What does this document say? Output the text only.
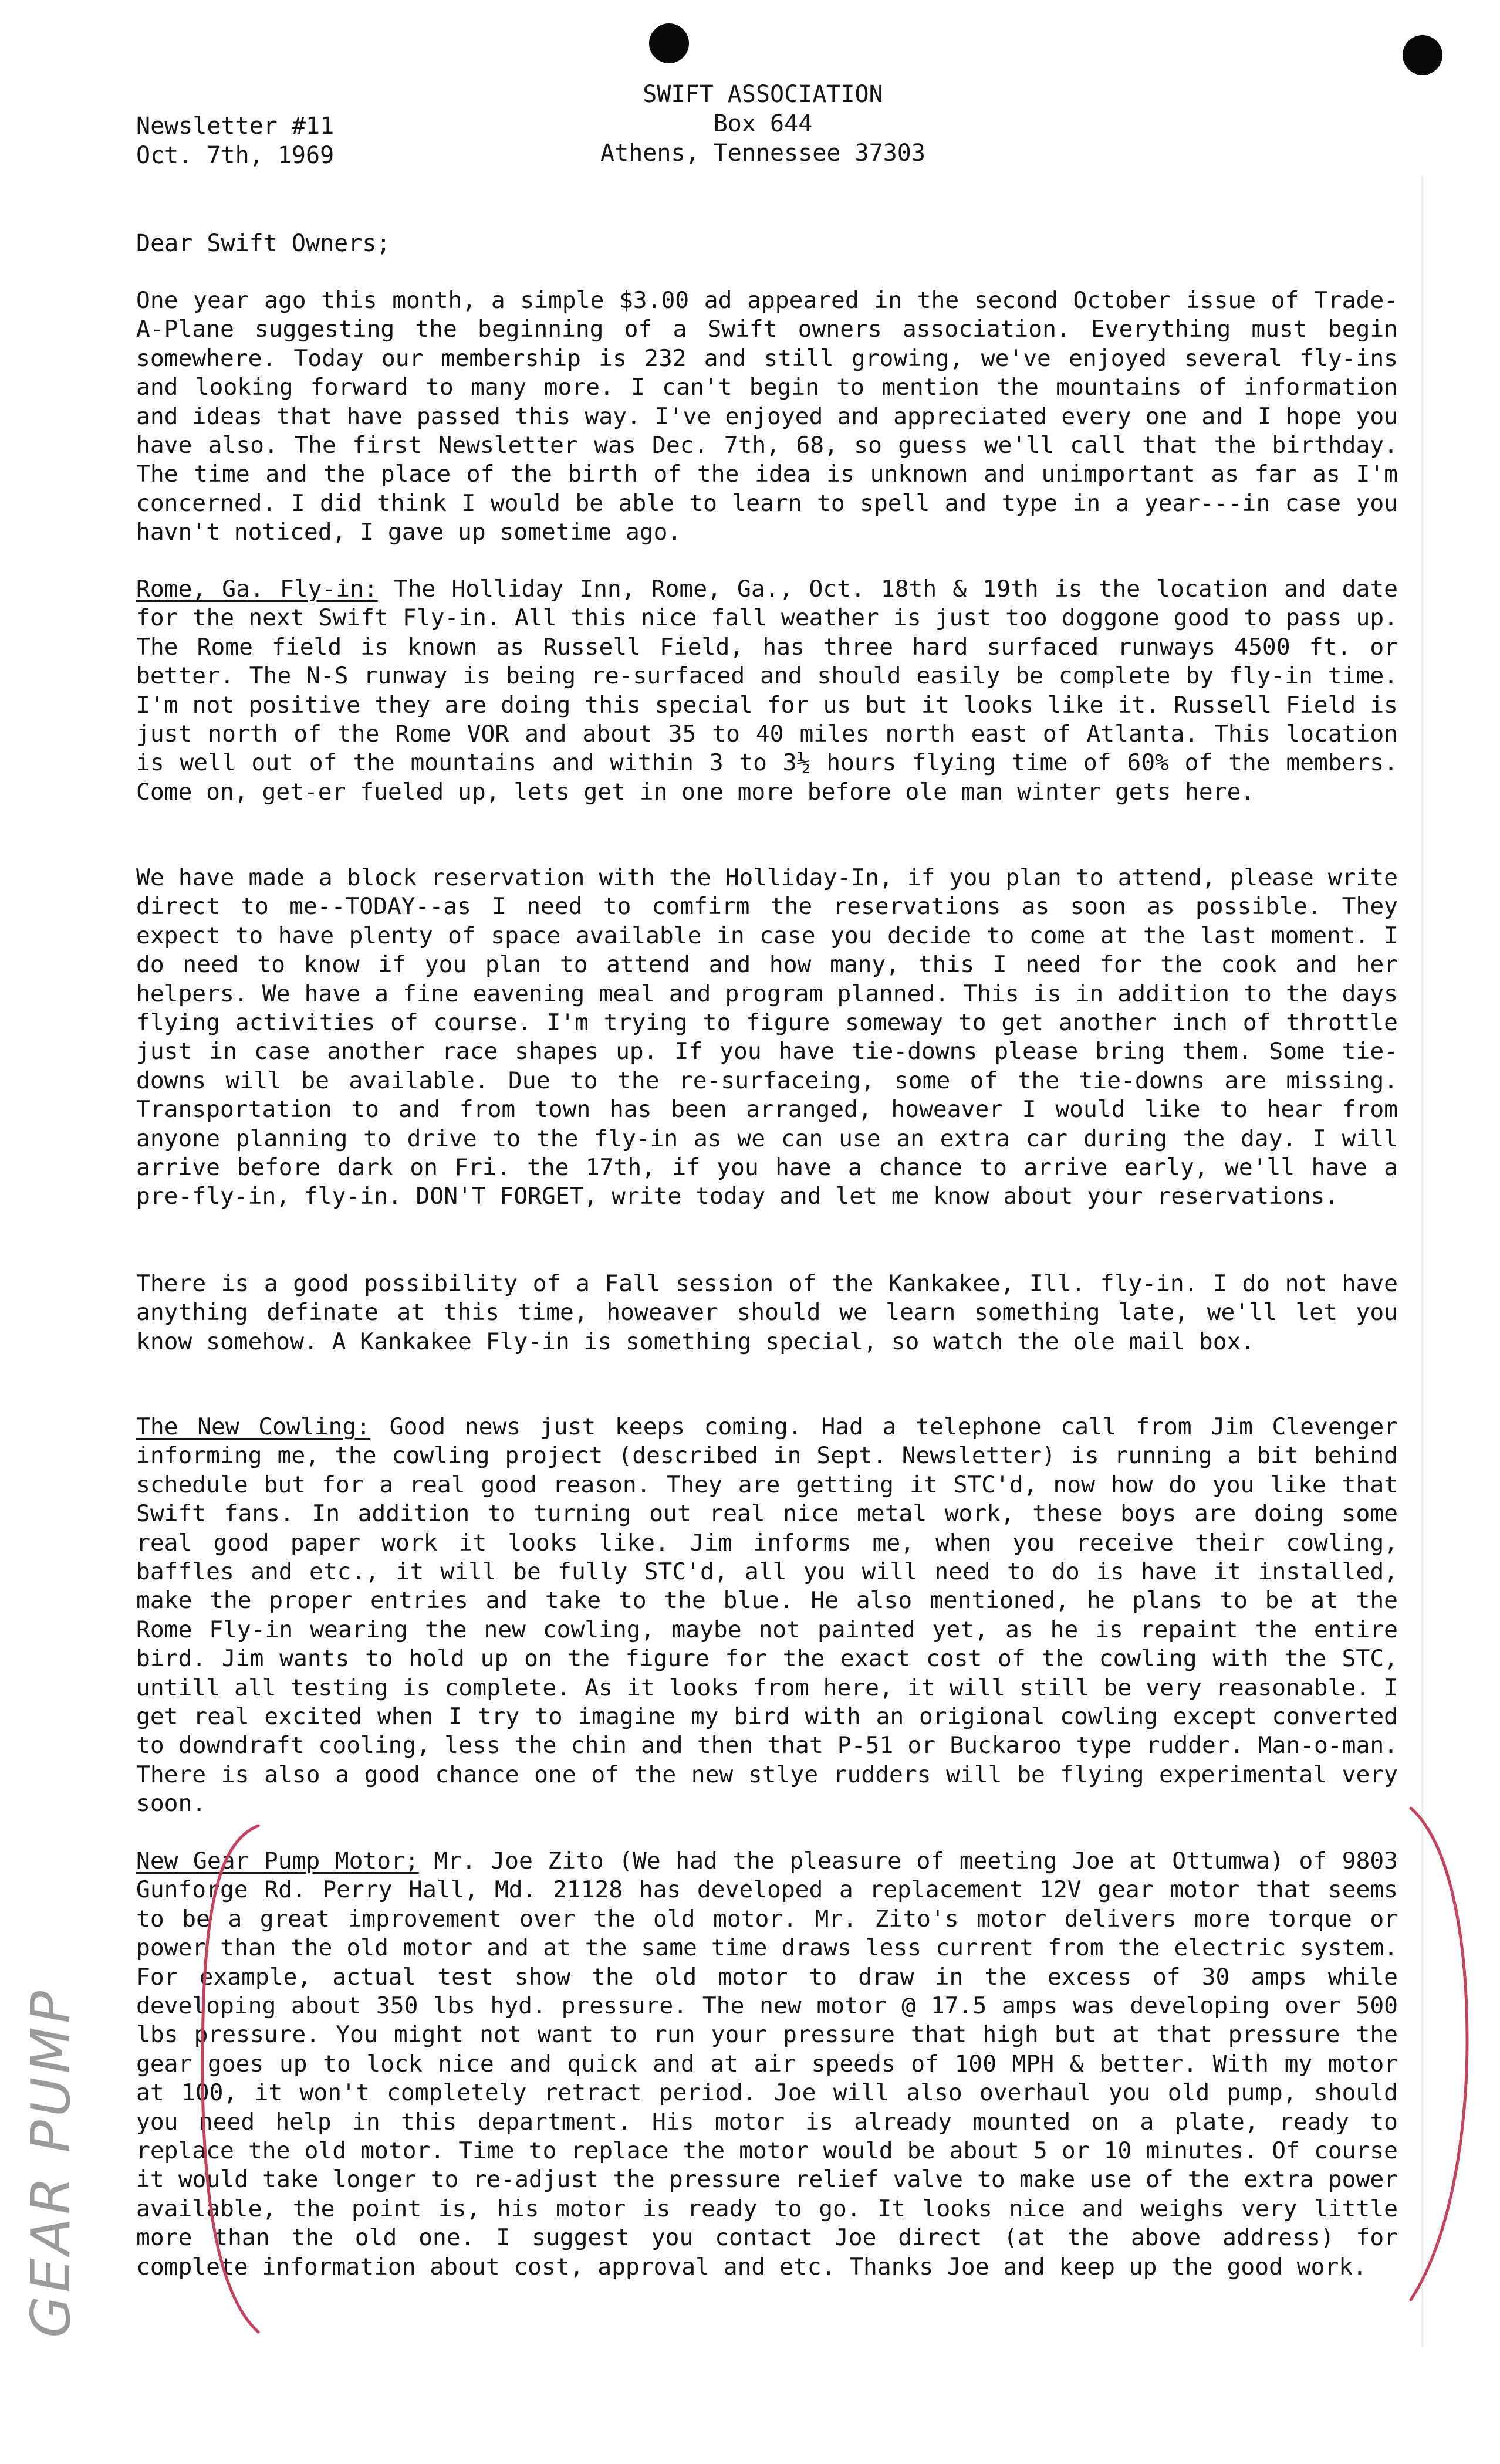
Newsletter #11
Oct. 7th, 1969
SWIFT ASSOCIATION
Box 644
Athens, Tennessee 37303
Dear Swift Owners;
One year ago this month, a simple $3.00 ad appeared in the second October issue of Trade-A-Plane suggesting the beginning of a Swift owners association. Everything must begin somewhere. Today our membership is 232 and still growing, we've enjoyed several fly-ins and looking forward to many more. I can't begin to mention the mountains of information and ideas that have passed this way. I've enjoyed and appreciated every one and I hope you have also. The first Newsletter was Dec. 7th, 68, so guess we'll call that the birthday. The time and the place of the birth of the idea is unknown and unimportant as far as I'm concerned. I did think I would be able to learn to spell and type in a year---in case you havn't noticed, I gave up sometime ago.
Rome, Ga. Fly-in: The Holliday Inn, Rome, Ga., Oct. 18th & 19th is the location and date for the next Swift Fly-in. All this nice fall weather is just too doggone good to pass up. The Rome field is known as Russell Field, has three hard surfaced runways 4500 ft. or better. The N-S runway is being re-surfaced and should easily be complete by fly-in time. I'm not positive they are doing this special for us but it looks like it. Russell Field is just north of the Rome VOR and about 35 to 40 miles north east of Atlanta. This location is well out of the mountains and within 3 to 3½ hours flying time of 60% of the members. Come on, get-er fueled up, lets get in one more before ole man winter gets here.
We have made a block reservation with the Holliday-In, if you plan to attend, please write direct to me--TODAY--as I need to comfirm the reservations as soon as possible. They expect to have plenty of space available in case you decide to come at the last moment. I do need to know if you plan to attend and how many, this I need for the cook and her helpers. We have a fine eavening meal and program planned. This is in addition to the days flying activities of course. I'm trying to figure someway to get another inch of throttle just in case another race shapes up. If you have tie-downs please bring them. Some tie-downs will be available. Due to the re-surfaceing, some of the tie-downs are missing. Transportation to and from town has been arranged, howeaver I would like to hear from anyone planning to drive to the fly-in as we can use an extra car during the day. I will arrive before dark on Fri. the 17th, if you have a chance to arrive early, we'll have a pre-fly-in, fly-in. DON'T FORGET, write today and let me know about your reservations.
There is a good possibility of a Fall session of the Kankakee, Ill. fly-in. I do not have anything definate at this time, howeaver should we learn something late, we'll let you know somehow. A Kankakee Fly-in is something special, so watch the ole mail box.
The New Cowling: Good news just keeps coming. Had a telephone call from Jim Clevenger informing me, the cowling project (described in Sept. Newsletter) is running a bit behind schedule but for a real good reason. They are getting it STC'd, now how do you like that Swift fans. In addition to turning out real nice metal work, these boys are doing some real good paper work it looks like. Jim informs me, when you receive their cowling, baffles and etc., it will be fully STC'd, all you will need to do is have it installed, make the proper entries and take to the blue. He also mentioned, he plans to be at the Rome Fly-in wearing the new cowling, maybe not painted yet, as he is repaint the entire bird. Jim wants to hold up on the figure for the exact cost of the cowling with the STC, untill all testing is complete. As it looks from here, it will still be very reasonable. I get real excited when I try to imagine my bird with an origional cowling except converted to downdraft cooling, less the chin and then that P-51 or Buckaroo type rudder. Man-o-man. There is also a good chance one of the new stlye rudders will be flying experimental very soon.
New Gear Pump Motor; Mr. Joe Zito (We had the pleasure of meeting Joe at Ottumwa) of 9803 Gunforge Rd. Perry Hall, Md. 21128 has developed a replacement 12V gear motor that seems to be a great improvement over the old motor. Mr. Zito's motor delivers more torque or power than the old motor and at the same time draws less current from the electric system. For example, actual test show the old motor to draw in the excess of 30 amps while developing about 350 lbs hyd. pressure. The new motor @ 17.5 amps was developing over 500 lbs pressure. You might not want to run your pressure that high but at that pressure the gear goes up to lock nice and quick and at air speeds of 100 MPH & better. With my motor at 100, it won't completely retract period. Joe will also overhaul you old pump, should you need help in this department. His motor is already mounted on a plate, ready to replace the old motor. Time to replace the motor would be about 5 or 10 minutes. Of course it would take longer to re-adjust the pressure relief valve to make use of the extra power available, the point is, his motor is ready to go. It looks nice and weighs very little more than the old one. I suggest you contact Joe direct (at the above address) for complete information about cost, approval and etc. Thanks Joe and keep up the good work.
GEAR PUMP
